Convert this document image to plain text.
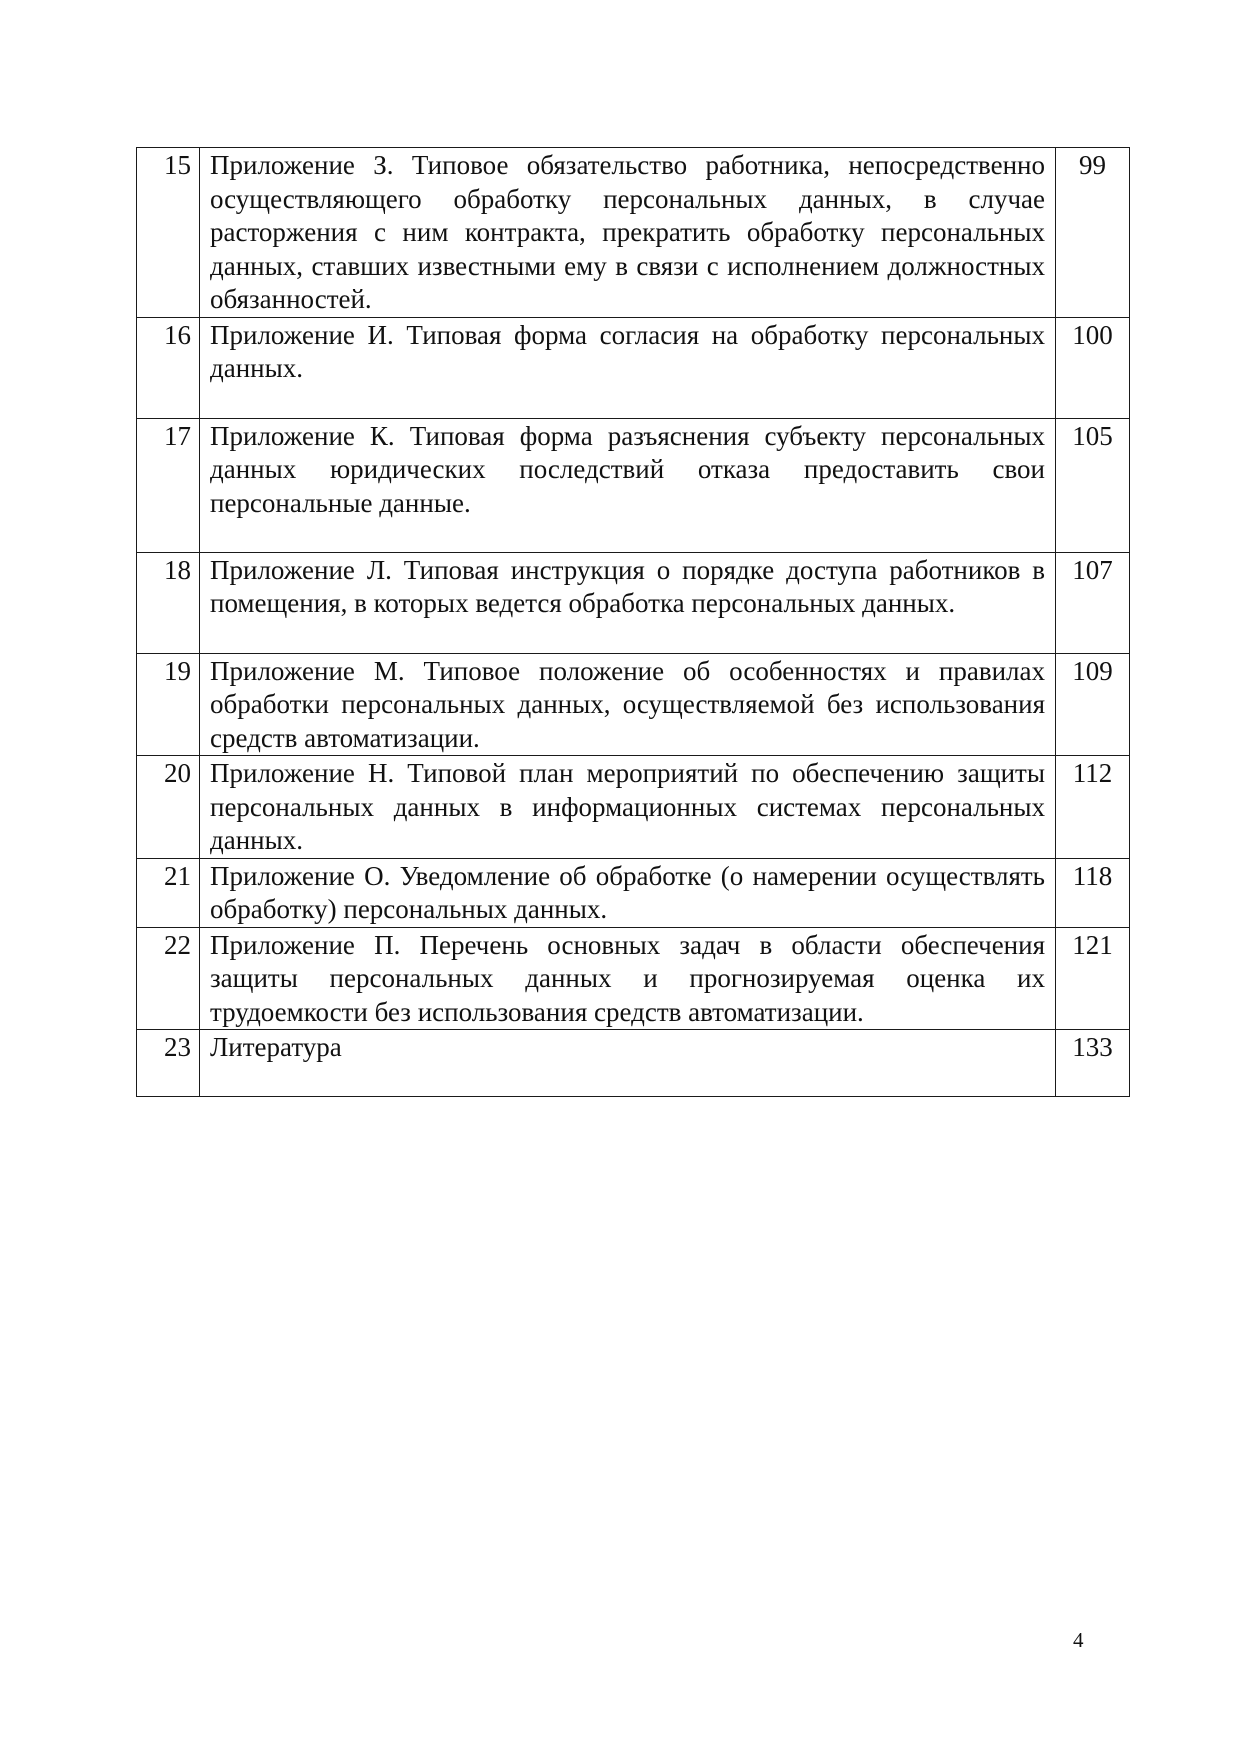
15	Приложение З. Типовое обязательство работника, непосредственно осуществляющего обработку персональных данных, в случае расторжения с ним контракта, прекратить обработку персональных данных, ставших известными ему в связи с исполнением должностных обязанностей.	99
16	Приложение И. Типовая форма согласия на обработку персональных данных.	100
17	Приложение К. Типовая форма разъяснения субъекту персональных данных юридических последствий отказа предоставить свои персональные данные.	105
18	Приложение Л. Типовая инструкция о порядке доступа работников в помещения, в которых ведется обработка персональных данных.	107
19	Приложение М. Типовое положение об особенностях и правилах обработки персональных данных, осуществляемой без использования средств автоматизации.	109
20	Приложение Н. Типовой план мероприятий по обеспечению защиты персональных данных в информационных системах персональных данных.	112
21	Приложение О. Уведомление об обработке (о намерении осуществлять обработку) персональных данных.	118
22	Приложение П. Перечень основных задач в области обеспечения защиты персональных данных и прогнозируемая оценка их трудоемкости без использования средств автоматизации.	121
23	Литература	133
4
